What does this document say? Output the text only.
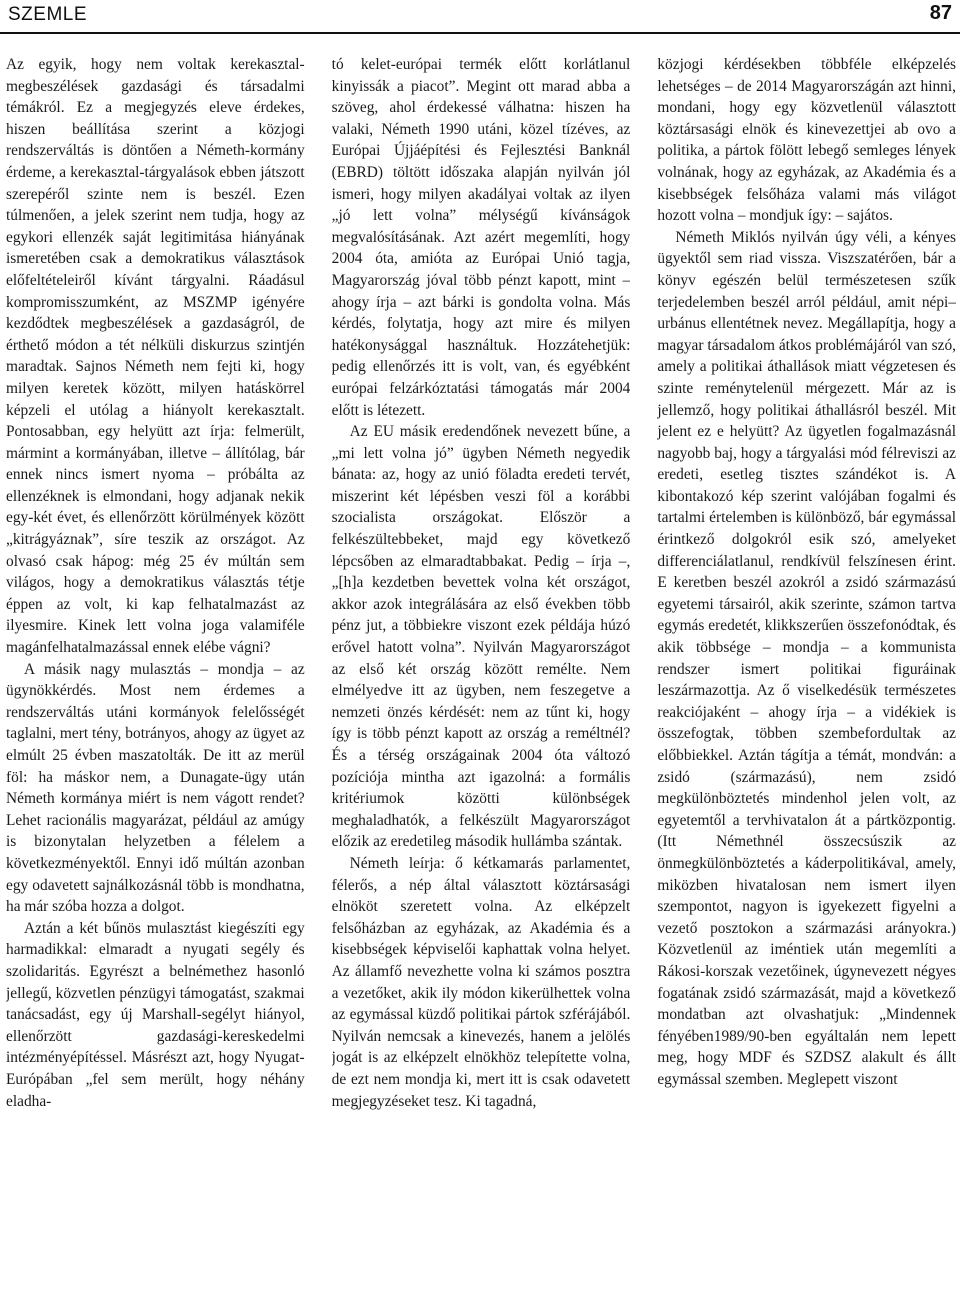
SZEMLE	87

Az egyik, hogy nem voltak kerekasztal-megbeszélések gazdasági és társadalmi témákról. Ez a megjegyzés eleve érdekes, hiszen beállítása szerint a közjogi rendszerváltás is döntően a Németh-kormány érdeme, a kerekasztal-tárgyalások ebben játszott szerepéről szinte nem is beszél. Ezen túlmenően, a jelek szerint nem tudja, hogy az egykori ellenzék saját legitimitása hiányának ismeretében csak a demokratikus választások előfeltételeiről kívánt tárgyalni. Ráadásul kompromisszumként, az MSZMP igényére kezdődtek megbeszélések a gazdaságról, de érthető módon a tét nélküli diskurzus szintjén maradtak. Sajnos Németh nem fejti ki, hogy milyen keretek között, milyen hatáskörrel képzeli el utólag a hiányolt kerekasztalt. Pontosabban, egy helyütt azt írja: felmerült, mármint a kormányában, illetve – állítólag, bár ennek nincs ismert nyoma – próbálta az ellenzéknek is elmondani, hogy adjanak nekik egy-két évet, és ellenőrzött körülmények között „kitrágyáznak”, síre teszik az országot. Az olvasó csak hápog: még 25 év múltán sem világos, hogy a demokratikus választás tétje éppen az volt, ki kap felhatalmazást az ilyesmire. Kinek lett volna joga valamiféle magánfelhatalmazással ennek elébe vágni?

A másik nagy mulasztás – mondja – az ügynökkérdés. Most nem érdemes a rendszerváltás utáni kormányok felelősségét taglalni, mert tény, botrányos, ahogy az ügyet az elmúlt 25 évben maszatolták. De itt az merül föl: ha máskor nem, a Dunagate-ügy után Németh kormánya miért is nem vágott rendet? Lehet racionális magyarázat, például az amúgy is bizonytalan helyzetben a félelem a következményektől. Ennyi idő múltán azonban egy odavetett sajnálkozásnál több is mondhatna, ha már szóba hozza a dolgot.

Aztán a két bűnös mulasztást kiegészíti egy harmadikkal: elmaradt a nyugati segély és szolidaritás. Egyrészt a belnémethez hasonló jellegű, közvetlen pénzügyi támogatást, szakmai tanácsadást, egy új Marshall-segélyt hiányol, ellenőrzött gazdasági-kereskedelmi intézményépítéssel. Másrészt azt, hogy Nyugat-Európában „fel sem merült, hogy néhány eladha-

tó kelet-európai termék előtt korlátlanul kinyissák a piacot”. Megint ott marad abba a szöveg, ahol érdekessé válhatna: hiszen ha valaki, Németh 1990 utáni, közel tízéves, az Európai Újjáépítési és Fejlesztési Banknál (EBRD) töltött időszaka alapján nyilván jól ismeri, hogy milyen akadályai voltak az ilyen „jó lett volna” mélységű kívánságok megvalósításának. Azt azért megemlíti, hogy 2004 óta, amióta az Európai Unió tagja, Magyarország jóval több pénzt kapott, mint – ahogy írja – azt bárki is gondolta volna. Más kérdés, folytatja, hogy azt mire és milyen hatékonysággal használtuk. Hozzátehetjük: pedig ellenőrzés itt is volt, van, és egyébként európai felzárkóztatási támogatás már 2004 előtt is létezett.

Az EU másik eredendőnek nevezett bűne, a „mi lett volna jó” ügyben Németh negyedik bánata: az, hogy az unió föladta eredeti tervét, miszerint két lépésben veszi föl a korábbi szocialista országokat. Először a felkészültebbeket, majd egy következő lépcsőben az elmaradtabbakat. Pedig – írja –, „[h]a kezdetben bevettek volna két országot, akkor azok integrálására az első években több pénz jut, a többiekre viszont ezek példája húzó erővel hatott volna”. Nyilván Magyarországot az első két ország között remélte. Nem elmélyedve itt az ügyben, nem feszegetve a nemzeti önzés kérdését: nem az tűnt ki, hogy így is több pénzt kapott az ország a reméltnél? És a térség országainak 2004 óta változó pozíciója mintha azt igazolná: a formális kritériumok közötti különbségek meghaladhatók, a felkészült Magyarországot előzik az eredetileg második hullámba szántak.

Németh leírja: ő kétkamarás parlamentet, félerős, a nép által választott köztársasági elnököt szeretett volna. Az elképzelt felsőházban az egyházak, az Akadémia és a kisebbségek képviselői kaphattak volna helyet. Az államfő nevezhette volna ki számos posztra a vezetőket, akik ily módon kikerülhettek volna az egymással küzdő politikai pártok szférájából. Nyilván nemcsak a kinevezés, hanem a jelölés jogát is az elképzelt elnökhöz telepítette volna, de ezt nem mondja ki, mert itt is csak odavetett megjegyzéseket tesz. Ki tagadná,

közjogi kérdésekben többféle elképzelés lehetséges – de 2014 Magyarországán azt hinni, mondani, hogy egy közvetlenül választott köztársasági elnök és kinevezettjei ab ovo a politika, a pártok fölött lebegő semleges lények volnának, hogy az egyházak, az Akadémia és a kisebbségek felsőháza valami más világot hozott volna – mondjuk így: – sajátos.

Németh Miklós nyilván úgy véli, a kényes ügyektől sem riad vissza. Viszszatérően, bár a könyv egészén belül természetesen szűk terjedelemben beszél arról például, amit népi–urbánus ellentétnek nevez. Megállapítja, hogy a magyar társadalom átkos problémájáról van szó, amely a politikai áthallások miatt végzetesen és szinte reménytelenül mérgezett. Már az is jellemző, hogy politikai áthallásról beszél. Mit jelent ez e helyütt? Az ügyetlen fogalmazásnál nagyobb baj, hogy a tárgyalási mód félreviszi az eredeti, esetleg tisztes szándékot is. A kibontakozó kép szerint valójában fogalmi és tartalmi értelemben is különböző, bár egymással érintkező dolgokról esik szó, amelyeket differenciálatlanul, rendkívül felszínesen érint. E keretben beszél azokról a zsidó származású egyetemi társairól, akik szerinte, számon tartva egymás eredetét, klikkszerűen összefonódtak, és akik többsége – mondja – a kommunista rendszer ismert politikai figuráinak leszármazottja. Az ő viselkedésük természetes reakciójaként – ahogy írja – a vidékiek is összefogtak, többen szembefordultak az előbbiekkel. Aztán tágítja a témát, mondván: a zsidó (származású), nem zsidó megkülönböztetés mindenhol jelen volt, az egyetemtől a tervhivatalon át a pártközpontig. (Itt Némethnél összecsúszik az önmegkülönböztetés a káderpolitikával, amely, miközben hivatalosan nem ismert ilyen szempontot, nagyon is igyekezett figyelni a vezető posztokon a származási arányokra.) Közvetlenül az iméntiek után megemlíti a Rákosi-korszak vezetőinek, úgynevezett négyes fogatának zsidó származását, majd a következő mondatban azt olvashatjuk: „Mindennek fényében1989/90-ben egyáltalán nem lepett meg, hogy MDF és SZDSZ alakult és állt egymással szemben. Meglepett viszont
